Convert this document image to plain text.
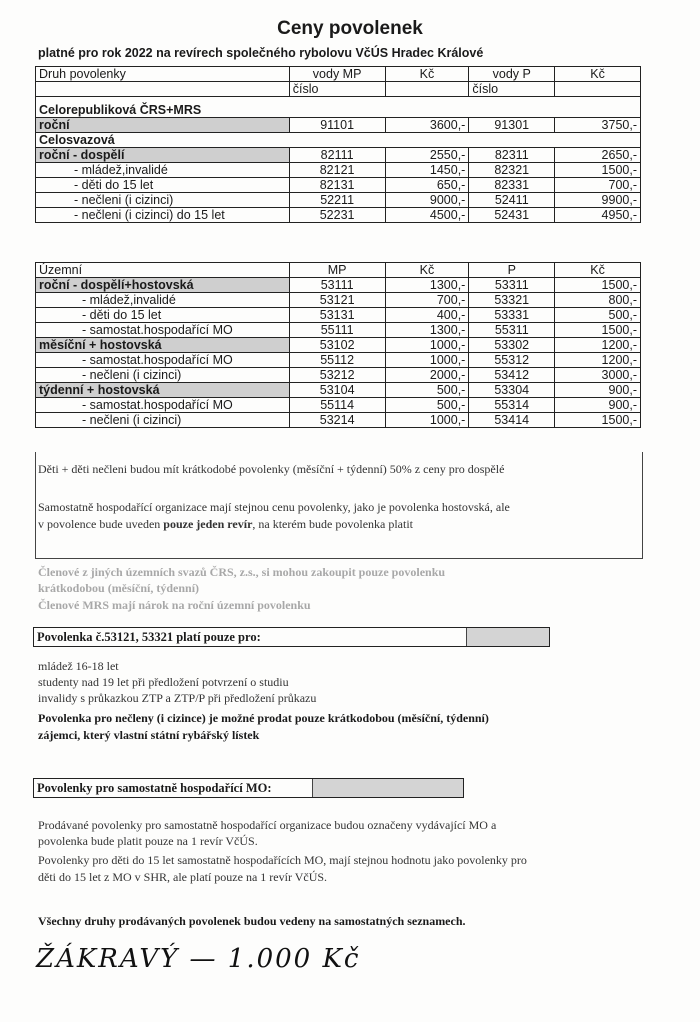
Ceny povolenek
platné pro rok 2022 na revírech společného rybolovu VčÚS Hradec Králové
Druh povolenky	vody MP	Kč	vody P	Kč
	číslo		číslo	

Celorepubliková ČRS+MRS				
roční	91101	3600,-	91301	3750,-
Celosvazová				
roční - dospělí	82111	2550,-	82311	2650,-
- mládež,invalidé	82121	1450,-	82321	1500,-
- děti do 15 let	82131	650,-	82331	700,-
- nečleni (i cizinci)	52211	9000,-	52411	9900,-
- nečleni (i cizinci) do 15 let	52231	4500,-	52431	4950,-
Územní	MP	Kč	P	Kč
roční - dospělí+hostovská	53111	1300,-	53311	1500,-
- mládež,invalidé	53121	700,-	53321	800,-
- děti do 15 let	53131	400,-	53331	500,-
- samostat.hospodařící MO	55111	1300,-	55311	1500,-
měsíční + hostovská	53102	1000,-	53302	1200,-
- samostat.hospodařící MO	55112	1000,-	55312	1200,-
- nečleni (i cizinci)	53212	2000,-	53412	3000,-
týdenní + hostovská	53104	500,-	53304	900,-
- samostat.hospodařící MO	55114	500,-	55314	900,-
- nečleni (i cizinci)	53214	1000,-	53414	1500,-
Děti + děti nečleni budou mít krátkodobé povolenky (měsíční + týdenní) 50% z ceny pro dospělé
Samostatně hospodařící organizace mají stejnou cenu povolenky, jako je povolenka hostovská, ale
v povolence bude uveden pouze jeden revír, na kterém bude povolenka platit
Členové z jiných územních svazů ČRS, z.s., si mohou zakoupit pouze povolenku
krátkodobou (měsíční, týdenní)
Členové MRS mají nárok na roční územní povolenku
Povolenka č.53121, 53321 platí pouze pro:
mládež 16-18 let
studenty nad 19 let při předložení potvrzení o studiu
invalidy s průkazkou ZTP a ZTP/P při předložení průkazu
Povolenka pro nečleny (i cizince) je možné prodat pouze krátkodobou (měsíční, týdenní)
zájemci, který vlastní státní rybářský lístek
Povolenky pro samostatně hospodařící MO:
Prodávané povolenky pro samostatně hospodařící organizace budou označeny vydávající MO a
povolenka bude platit pouze na 1 revír VčÚS.
Povolenky pro děti do 15 let samostatně hospodařících MO, mají stejnou hodnotu jako povolenky pro
děti do 15 let z MO v SHR, ale platí pouze na 1 revír VčÚS.
Všechny druhy prodávaných povolenek budou vedeny na samostatných seznamech.
ŽÁKRAVÝ — 1.000 Kč
